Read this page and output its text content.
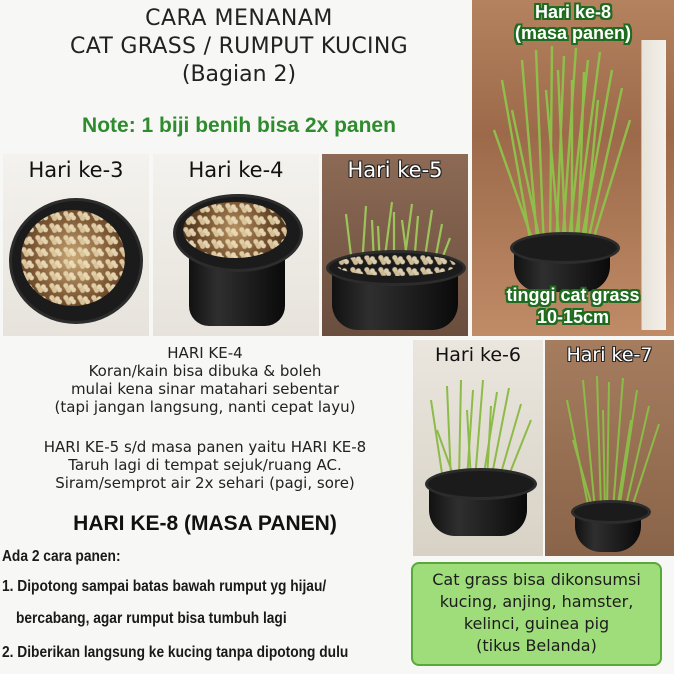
CARA MENANAM
CAT GRASS / RUMPUT KUCING
(Bagian 2)
Note: 1 biji benih bisa 2x panen
Hari ke-3	Hari ke-4	Hari ke-5
Hari ke-8
(masa panen)
tinggi cat grass
10-15cm
Hari ke-6	Hari ke-7
HARI KE-4
Koran/kain bisa dibuka & boleh
mulai kena sinar matahari sebentar
(tapi jangan langsung, nanti cepat layu)
HARI KE-5 s/d masa panen yaitu HARI KE-8
Taruh lagi di tempat sejuk/ruang AC.
Siram/semprot air 2x sehari (pagi, sore)
HARI KE-8 (MASA PANEN)
Ada 2 cara panen:
1. Dipotong sampai batas bawah rumput yg hijau/
bercabang, agar rumput bisa tumbuh lagi
2. Diberikan langsung ke kucing tanpa dipotong dulu
Cat grass bisa dikonsumsi
kucing, anjing, hamster,
kelinci, guinea pig
(tikus Belanda)
